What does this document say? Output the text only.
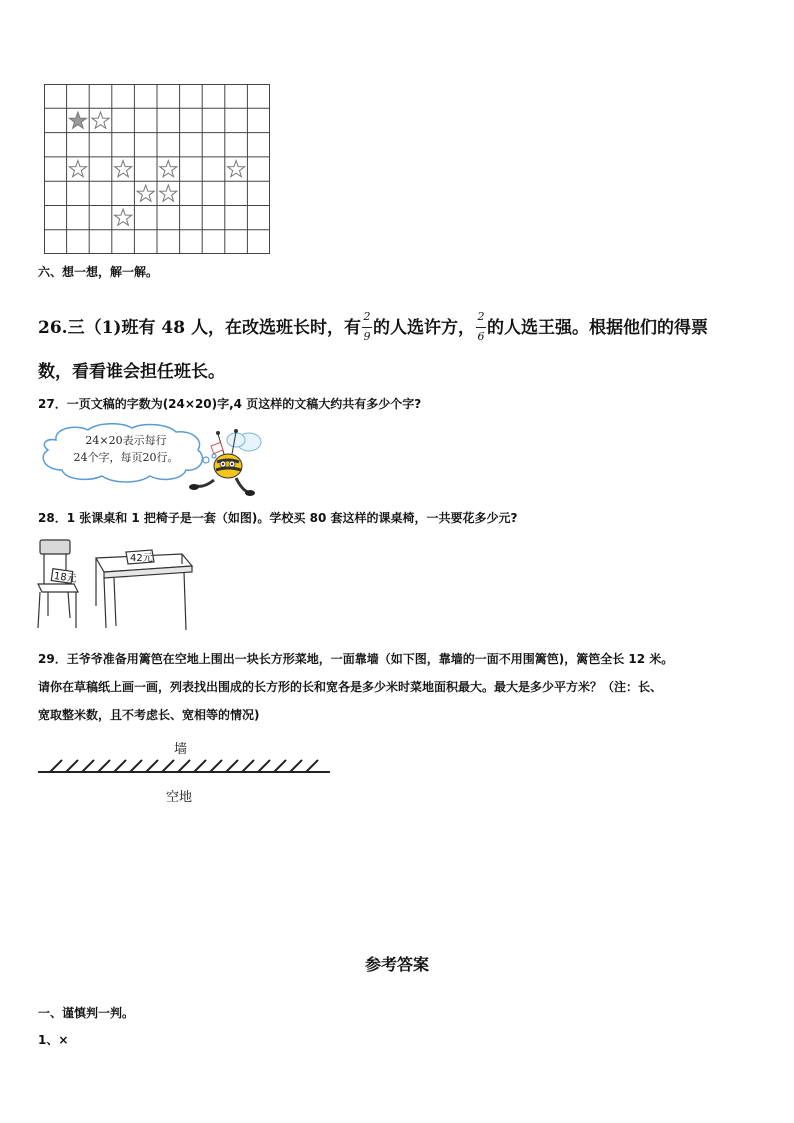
六、想一想，解一解。
26.三（1)班有 48 人，在改选班长时，有 $\frac{2}{9}$ 的人选许方， $\frac{2}{6}$ 的人选王强。根据他们的得票
数，看看谁会担任班长。
27．一页文稿的字数为(24×20)字,4 页这样的文稿大约共有多少个字?
24×20表示每行
24个字，每页20行。
28．1 张课桌和 1 把椅子是一套（如图)。学校买 80 套这样的课桌椅，一共要花多少元?
18元
42元
29．王爷爷准备用篱笆在空地上围出一块长方形菜地，一面靠墙（如下图，靠墙的一面不用围篱笆)，篱笆全长 12 米。
请你在草稿纸上画一画，列表找出围成的长方形的长和宽各是多少米时菜地面积最大。最大是多少平方米？（注：长、
宽取整米数，且不考虑长、宽相等的情况)
墙
空地
参考答案
一、谨慎判一判。
1、×
